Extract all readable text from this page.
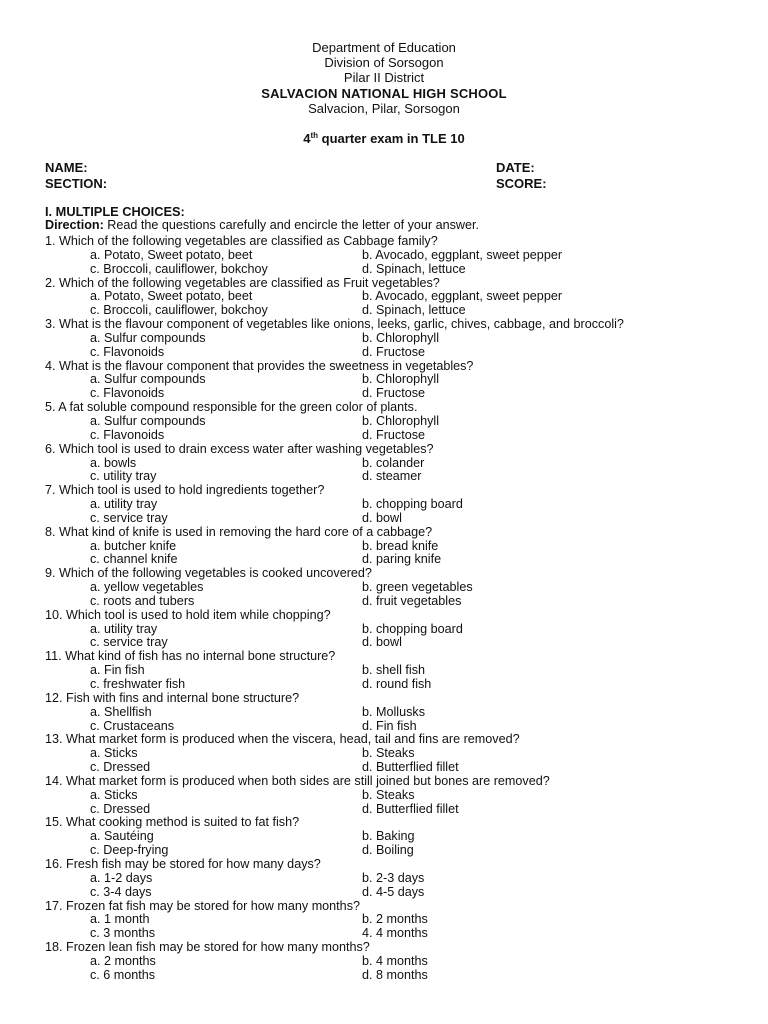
Department of Education
Division of Sorsogon
Pilar II District
SALVACION NATIONAL HIGH SCHOOL
Salvacion, Pilar, Sorsogon
4th quarter exam in TLE 10
NAME:	DATE:
SECTION:	SCORE:
I. MULTIPLE CHOICES:
Direction: Read the questions carefully and encircle the letter of your answer.
1. Which of the following vegetables are classified as Cabbage family?
a. Potato, Sweet potato, beet	b. Avocado, eggplant, sweet pepper
c. Broccoli, cauliflower, bokchoy	d. Spinach, lettuce
2. Which of the following vegetables are classified as Fruit vegetables?
a. Potato, Sweet potato, beet	b. Avocado, eggplant, sweet pepper
c. Broccoli, cauliflower, bokchoy	d. Spinach, lettuce
3. What is the flavour component of vegetables like onions, leeks, garlic, chives, cabbage, and broccoli?
a. Sulfur compounds	b. Chlorophyll
c. Flavonoids	d. Fructose
4. What is the flavour component that provides the sweetness in vegetables?
a. Sulfur compounds	b. Chlorophyll
c. Flavonoids	d. Fructose
5. A fat soluble compound responsible for the green color of plants.
a. Sulfur compounds	b. Chlorophyll
c. Flavonoids	d. Fructose
6. Which tool is used to drain excess water after washing vegetables?
a. bowls	b. colander
c. utility tray	d. steamer
7. Which tool is used to hold ingredients together?
a. utility tray	b. chopping board
c. service tray	d. bowl
8. What kind of knife is used in removing the hard core of a cabbage?
a. butcher knife	b. bread knife
c. channel knife	d. paring knife
9. Which of the following vegetables is cooked uncovered?
a. yellow vegetables	b. green vegetables
c. roots and tubers	d. fruit vegetables
10. Which tool is used to hold item while chopping?
a. utility tray	b. chopping board
c. service tray	d. bowl
11. What kind of fish has no internal bone structure?
a. Fin fish	b. shell fish
c. freshwater fish	d. round fish
12. Fish with fins and internal bone structure?
a. Shellfish	b. Mollusks
c. Crustaceans	d. Fin fish
13. What market form is produced when the viscera, head, tail and fins are removed?
a. Sticks	b. Steaks
c. Dressed	d. Butterflied fillet
14. What market form is produced when both sides are still joined but bones are removed?
a. Sticks	b. Steaks
c. Dressed	d. Butterflied fillet
15. What cooking method is suited to fat fish?
a. Sautéing	b. Baking
c. Deep-frying	d. Boiling
16. Fresh fish may be stored for how many days?
a. 1-2 days	b. 2-3 days
c. 3-4 days	d. 4-5 days
17. Frozen fat fish may be stored for how many months?
a. 1 month	b. 2 months
c. 3 months	4. 4 months
18. Frozen lean fish may be stored for how many months?
a. 2 months	b. 4 months
c. 6 months	d. 8 months
